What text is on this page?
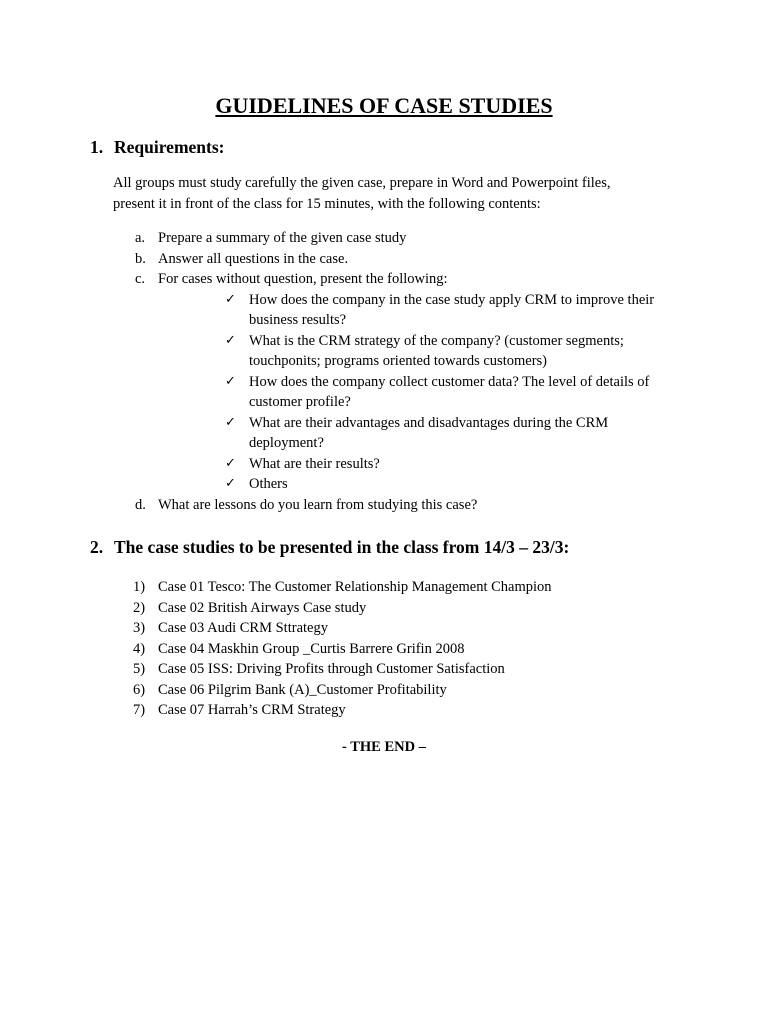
GUIDELINES OF CASE STUDIES
1. Requirements:
All groups must study carefully the given case, prepare in Word and Powerpoint files,
present it in front of the class for 15 minutes, with the following contents:
a. Prepare a summary of the given case study
b. Answer all questions in the case.
c. For cases without question, present the following:
✓ How does the company in the case study apply CRM to improve their
business results?
✓ What is the CRM strategy of the company? (customer segments;
touchponits; programs oriented towards customers)
✓ How does the company collect customer data? The level of details of
customer profile?
✓ What are their advantages and disadvantages during the CRM
deployment?
✓ What are their results?
✓ Others
d. What are lessons do you learn from studying this case?
2. The case studies to be presented in the class from 14/3 – 23/3:
1) Case 01 Tesco: The Customer Relationship Management Champion
2) Case 02 British Airways Case study
3) Case 03 Audi CRM Sttrategy
4) Case 04 Maskhin Group _Curtis Barrere Grifin 2008
5) Case 05 ISS: Driving Profits through Customer Satisfaction
6) Case 06 Pilgrim Bank (A)_Customer Profitability
7) Case 07 Harrah’s CRM Strategy
- THE END –
